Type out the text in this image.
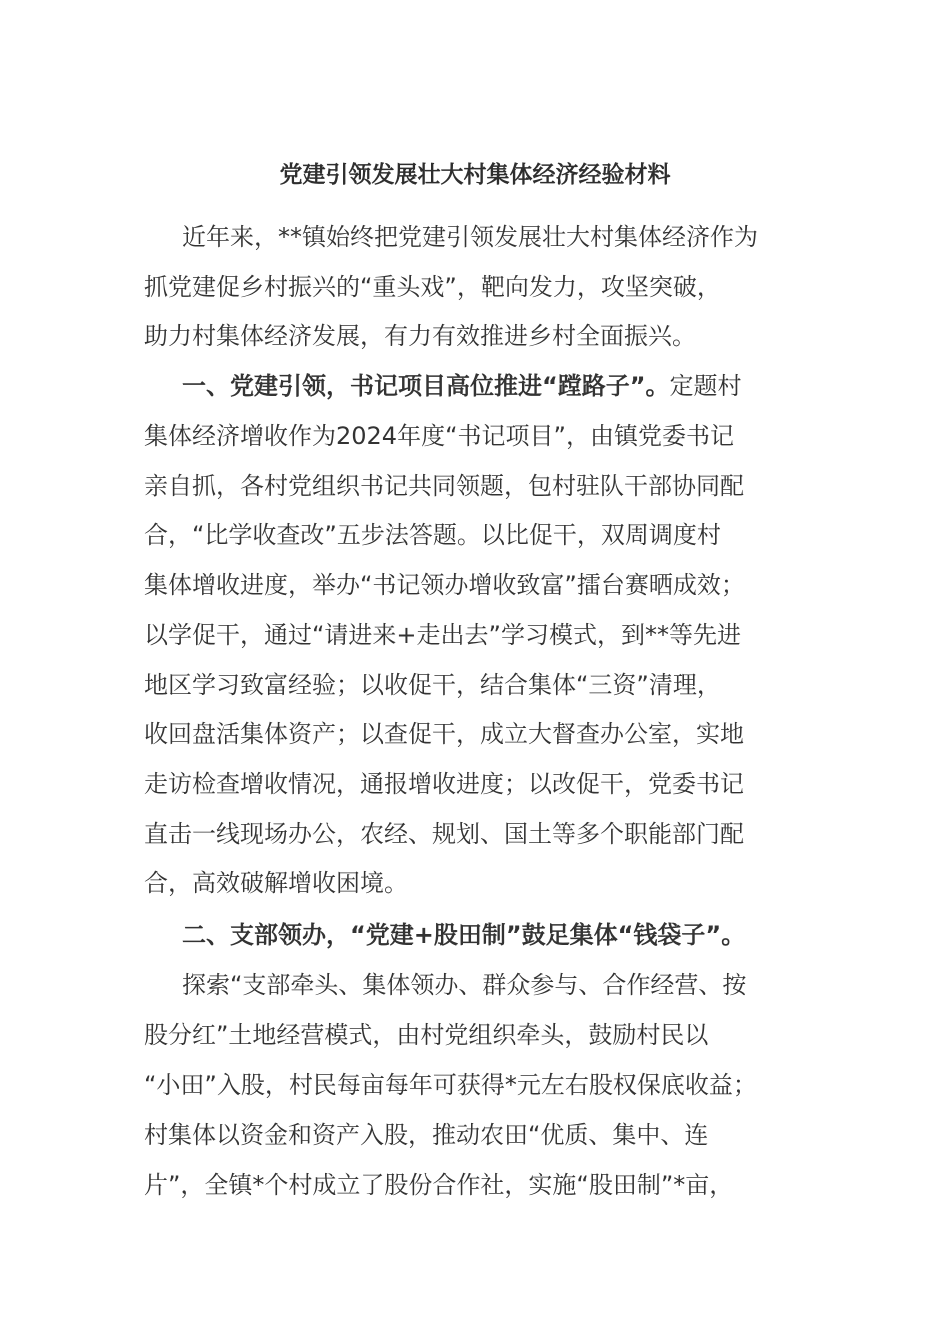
党建引领发展壮大村集体经济经验材料
近年来，**镇始终把党建引领发展壮大村集体经济作为
抓党建促乡村振兴的“重头戏”，靶向发力，攻坚突破，
助力村集体经济发展，有力有效推进乡村全面振兴。
一、党建引领，书记项目高位推进“蹚路子”。定题村
集体经济增收作为2024年度“书记项目”，由镇党委书记
亲自抓，各村党组织书记共同领题，包村驻队干部协同配
合，“比学收查改”五步法答题。以比促干，双周调度村
集体增收进度，举办“书记领办增收致富”擂台赛晒成效；
以学促干，通过“请进来+走出去”学习模式，到**等先进
地区学习致富经验；以收促干，结合集体“三资”清理，
收回盘活集体资产；以查促干，成立大督查办公室，实地
走访检查增收情况，通报增收进度；以改促干，党委书记
直击一线现场办公，农经、规划、国土等多个职能部门配
合，高效破解增收困境。
二、支部领办，“党建+股田制”鼓足集体“钱袋子”。
探索“支部牵头、集体领办、群众参与、合作经营、按
股分红”土地经营模式，由村党组织牵头，鼓励村民以
“小田”入股，村民每亩每年可获得*元左右股权保底收益；
村集体以资金和资产入股，推动农田“优质、集中、连
片”，全镇*个村成立了股份合作社，实施“股田制”*亩，
